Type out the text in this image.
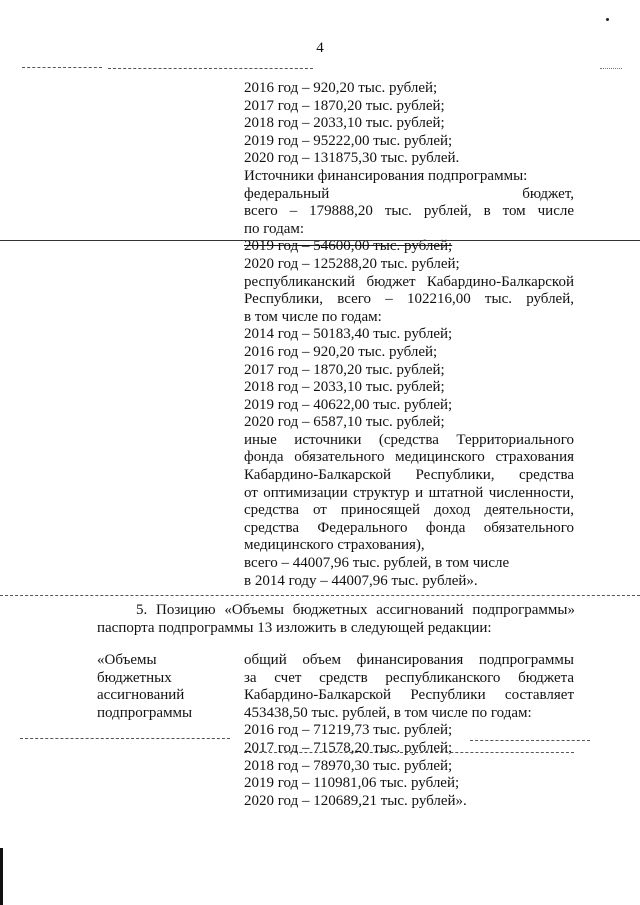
4
2016 год – 920,20 тыс. рублей;
2017 год – 1870,20 тыс. рублей;
2018 год – 2033,10 тыс. рублей;
2019 год – 95222,00 тыс. рублей;
2020 год – 131875,30 тыс. рублей.
Источники финансирования подпрограммы:
федеральный	бюджет,
всего – 179888,20 тыс. рублей, в том числе
по годам:
2019 год – 54600,00 тыс. рублей;
2020 год – 125288,20 тыс. рублей;
республиканский бюджет Кабардино-Балкарской
Республики, всего – 102216,00 тыс. рублей,
в том числе по годам:
2014 год – 50183,40 тыс. рублей;
2016 год – 920,20 тыс. рублей;
2017 год – 1870,20 тыс. рублей;
2018 год – 2033,10 тыс. рублей;
2019 год – 40622,00 тыс. рублей;
2020 год – 6587,10 тыс. рублей;
иные источники (средства Территориального
фонда обязательного медицинского страхования
Кабардино-Балкарской Республики, средства
от оптимизации структур и штатной численности,
средства от приносящей доход деятельности,
средства Федерального фонда обязательного
медицинского страхования),
всего – 44007,96 тыс. рублей, в том числе
в 2014 году – 44007,96 тыс. рублей».
5. Позицию «Объемы бюджетных ассигнований подпрограммы»
паспорта подпрограммы 13 изложить в следующей редакции:
«Объемы
бюджетных
ассигнований
подпрограммы
общий объем финансирования подпрограммы
за счет средств республиканского бюджета
Кабардино-Балкарской Республики составляет
453438,50 тыс. рублей, в том числе по годам:
2016 год – 71219,73 тыс. рублей;
2017 год – 71578,20 тыс. рублей;
2018 год – 78970,30 тыс. рублей;
2019 год – 110981,06 тыс. рублей;
2020 год – 120689,21 тыс. рублей».
